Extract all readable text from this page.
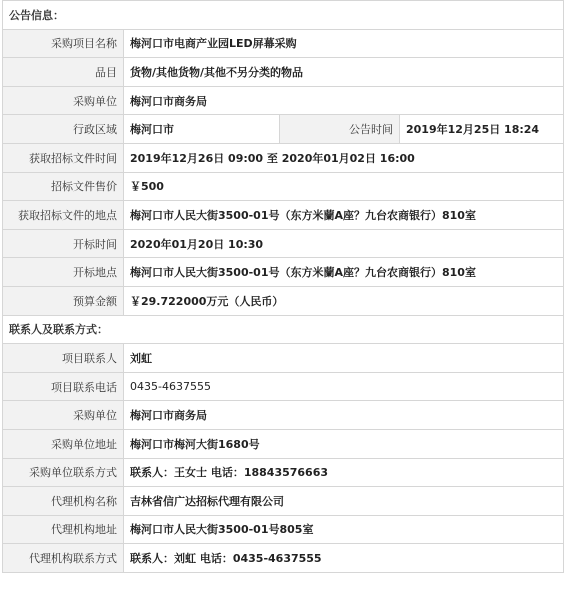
公告信息：			
采购项目名称	梅河口市电商产业园LED屏幕采购		
品目	货物/其他货物/其他不另分类的物品		
采购单位	梅河口市商务局		
行政区域	梅河口市	公告时间	2019年12月25日 18:24
获取招标文件时间	2019年12月26日 09:00 至 2020年01月02日 16:00		
招标文件售价	￥500		
获取招标文件的地点	梅河口市人民大街3500-01号（东方米蘭A座？九台农商银行）810室		
开标时间	2020年01月20日 10:30		
开标地点	梅河口市人民大街3500-01号（东方米蘭A座？九台农商银行）810室		
预算金额	￥29.722000万元（人民币）		
联系人及联系方式：			
项目联系人	刘虹		
项目联系电话	0435-4637555		
采购单位	梅河口市商务局		
采购单位地址	梅河口市梅河大街1680号		
采购单位联系方式	联系人：王女士 电话：18843576663		
代理机构名称	吉林省信广达招标代理有限公司		
代理机构地址	梅河口市人民大街3500-01号805室		
代理机构联系方式	联系人：刘虹 电话：0435-4637555		
